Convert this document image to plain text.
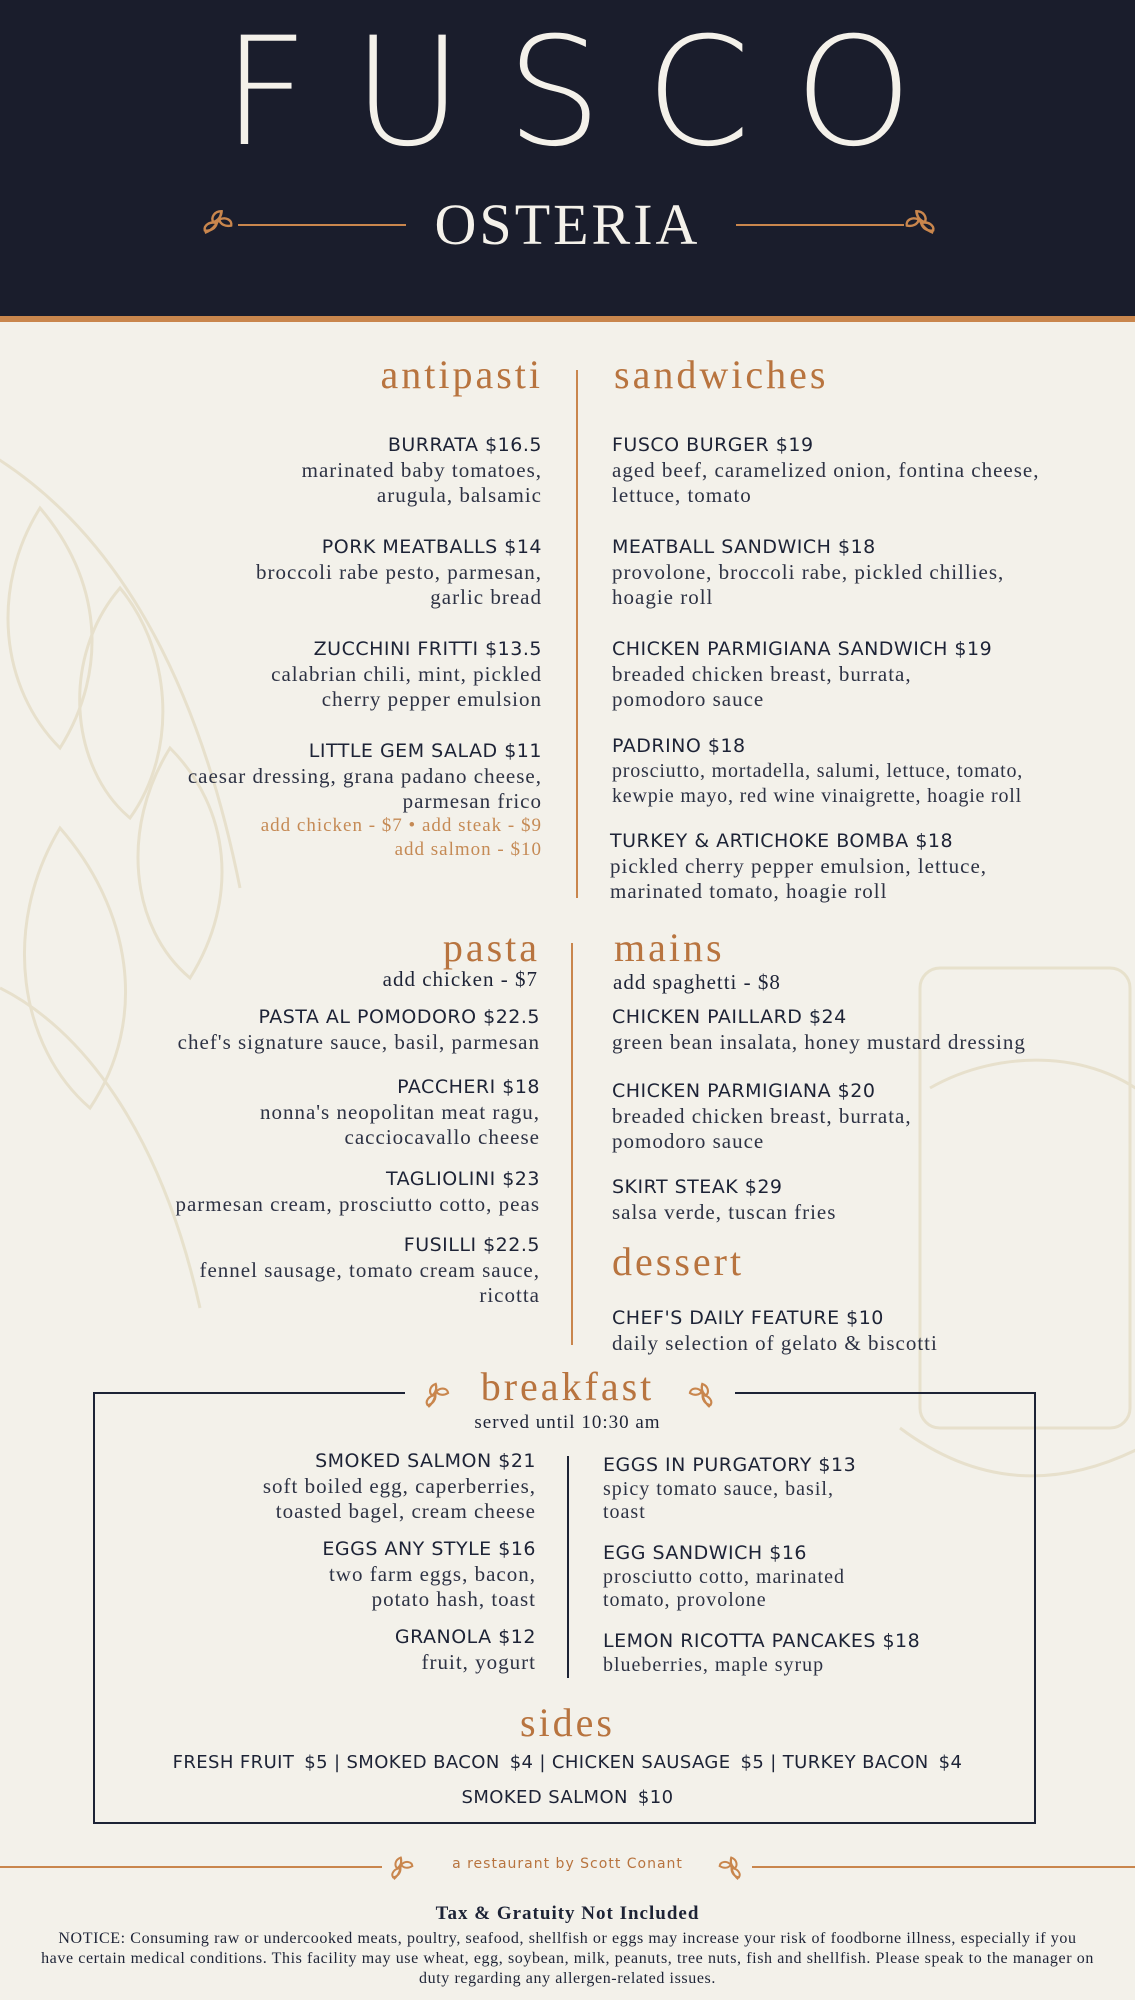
FUSCO
OSTERIA
antipasti
BURRATA $16.5
marinated baby tomatoes,
arugula, balsamic
PORK MEATBALLS $14
broccoli rabe pesto, parmesan,
garlic bread
ZUCCHINI FRITTI $13.5
calabrian chili, mint, pickled
cherry pepper emulsion
LITTLE GEM SALAD $11
caesar dressing, grana padano cheese,
parmesan frico
add chicken - $7 • add steak - $9
add salmon - $10
sandwiches
FUSCO BURGER $19
aged beef, caramelized onion, fontina cheese,
lettuce, tomato
MEATBALL SANDWICH $18
provolone, broccoli rabe, pickled chillies,
hoagie roll
CHICKEN PARMIGIANA SANDWICH $19
breaded chicken breast, burrata,
pomodoro sauce
PADRINO $18
prosciutto, mortadella, salumi, lettuce, tomato,
kewpie mayo, red wine vinaigrette, hoagie roll
TURKEY & ARTICHOKE BOMBA $18
pickled cherry pepper emulsion, lettuce,
marinated tomato, hoagie roll
pasta
add chicken - $7
PASTA AL POMODORO $22.5
chef's signature sauce, basil, parmesan
PACCHERI $18
nonna's neopolitan meat ragu,
cacciocavallo cheese
TAGLIOLINI $23
parmesan cream, prosciutto cotto, peas
FUSILLI $22.5
fennel sausage, tomato cream sauce,
ricotta
mains
add spaghetti - $8
CHICKEN PAILLARD $24
green bean insalata, honey mustard dressing
CHICKEN PARMIGIANA $20
breaded chicken breast, burrata,
pomodoro sauce
SKIRT STEAK $29
salsa verde, tuscan fries
dessert
CHEF'S DAILY FEATURE $10
daily selection of gelato & biscotti
breakfast
served until 10:30 am
SMOKED SALMON $21
soft boiled egg, caperberries,
toasted bagel, cream cheese
EGGS ANY STYLE $16
two farm eggs, bacon,
potato hash, toast
GRANOLA $12
fruit, yogurt
EGGS IN PURGATORY $13
spicy tomato sauce, basil,
toast
EGG SANDWICH $16
prosciutto cotto, marinated
tomato, provolone
LEMON RICOTTA PANCAKES $18
blueberries, maple syrup
sides
FRESH FRUIT $5 | SMOKED BACON $4 | CHICKEN SAUSAGE $5 | TURKEY BACON $4
SMOKED SALMON $10
a restaurant by Scott Conant
Tax & Gratuity Not Included
NOTICE: Consuming raw or undercooked meats, poultry, seafood, shellfish or eggs may increase your risk of foodborne illness, especially if you have certain medical conditions. This facility may use wheat, egg, soybean, milk, peanuts, tree nuts, fish and shellfish. Please speak to the manager on duty regarding any allergen-related issues.
